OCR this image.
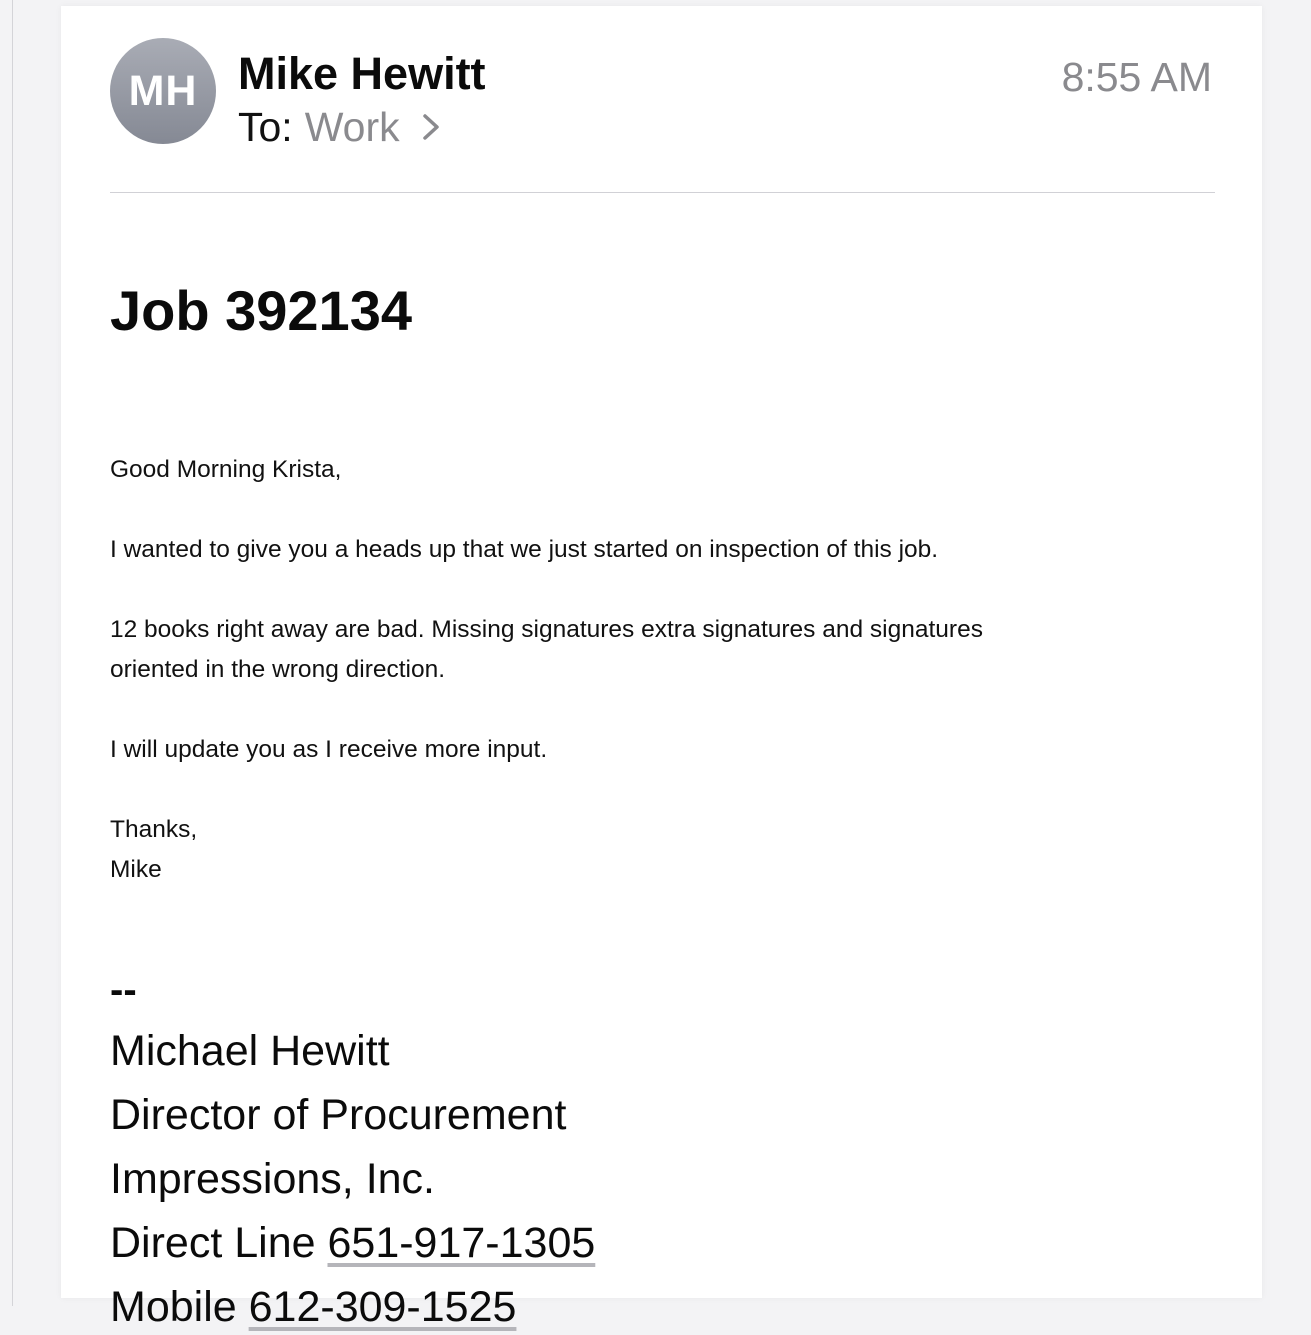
MH Mike Hewitt
To: Work
8:55 AM
Job 392134
Good Morning Krista,
I wanted to give you a heads up that we just started on inspection of this job.
12 books right away are bad. Missing signatures extra signatures and signatures
oriented in the wrong direction.
I will update you as I receive more input.
Thanks,
Mike
--
Michael Hewitt
Director of Procurement
Impressions, Inc.
Direct Line 651-917-1305
Mobile 612-309-1525
